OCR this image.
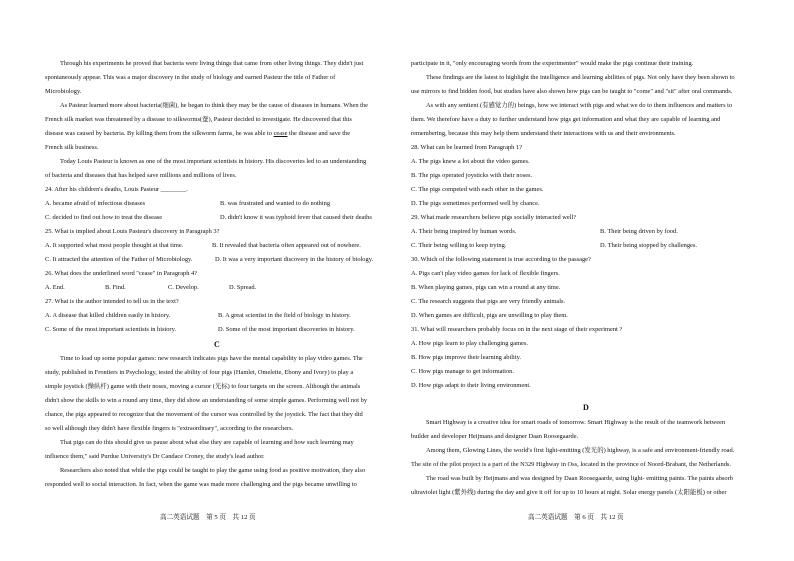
Through his experiments he proved that bacteria were living things that came from other living things. They didn't just
spontaneously appear. This was a major discovery in the study of biology and earned Pasteur the title of Father of
Microbiology.
As Pasteur learned more about bacteria(细菌), he began to think they may be the cause of diseases in humans. When the
French silk market was threatened by a disease to silkworms(蚕), Pasteur decided to investigate. He discovered that this
disease was caused by bacteria. By killing them from the silkworm farms, he was able to cease the disease and save the
French silk business.
Today Louis Pasteur is known as one of the most important scientists in history. His discoveries led to an understanding
of bacteria and diseases that has helped save millions and millions of lives.
24. After his children's deaths, Louis Pasteur ________.
A. became afraid of infectious diseases	B. was frustrated and wanted to do nothing
C. decided to find out how to treat the disease	D. didn't know it was typhoid fever that caused their deaths
25. What is implied about Louis Pasteur's discovery in Paragraph 3?
A. It supported what most people thought at that time.	B. It revealed that bacteria often appeared out of nowhere.
C. It attracted the attention of the Father of Microbiology.	D. It was a very important discovery in the history of biology.
26. What does the underlined word "cease" in Paragraph 4?
A. End.	B. Find.	C. Develop.	D. Spread.
27. What is the author intended to tell us in the text?
A. A disease that killed children easily in history.	B. A great scientist in the field of biology in history.
C. Some of the most important scientists in history.	D. Some of the most important discoveries in history.
C
Time to load up some popular games: new research indicates pigs have the mental capability to play video games. The
study, published in Frontiers in Psychology, tested the ability of four pigs (Hamlet, Omelette, Ebony and Ivory) to play a
simple joystick (操纵杆) game with their noses, moving a cursor (光标) to four targets on the screen. Although the animals
didn't show the skills to win a round any time, they did show an understanding of some simple games. Performing well not by
chance, the pigs appeared to recognize that the movement of the cursor was controlled by the joystick. The fact that they did
so well although they didn't have flexible fingers is "extraordinary", according to the researchers.
That pigs can do this should give us pause about what else they are capable of learning and how such learning may
influence them," said Purdue University's Dr Candace Croney, the study's lead author.
Researchers also noted that while the pigs could be taught to play the game using food as positive motivation, they also
responded well to social interaction. In fact, when the game was made more challenging and the pigs became unwilling to
高二英语试题　第 5 页　共 12 页
participate in it, "only encouraging words from the experimenter" would make the pigs continue their training.
These findings are the latest to highlight the intelligence and learning abilities of pigs. Not only have they been shown to
use mirrors to find hidden food, but studies have also shown how pigs can be taught to "come" and "sit" after oral commands.
As with any sentient (有感觉力的) beings, how we interact with pigs and what we do to them influences and matters to
them. We therefore have a duty to further understand how pigs get information and what they are capable of learning and
remembering, because this may help them understand their interactions with us and their environments.
28. What can be learned from Paragraph 1?
A. The pigs knew a lot about the video games.
B. The pigs operated joysticks with their noses.
C. The pigs competed with each other in the games.
D. The pigs sometimes performed well by chance.
29. What made researchers believe pigs socially interacted well?
A. Their being inspired by human words.	B. Their being driven by food.
C. Their being willing to keep trying.	D. Their being stopped by challenges.
30. Which of the following statement is true according to the passage?
A. Pigs can't play video games for lack of flexible fingers.
B. When playing games, pigs can win a round at any time.
C. The research suggests that pigs are very friendly animals.
D. When games are difficult, pigs are unwilling to play them.
31. What will researchers probably focus on in the next stage of their experiment ?
A. How pigs learn to play challenging games.
B. How pigs improve their learning ability.
C. How pigs manage to get information.
D. How pigs adapt to their living environment.
D
Smart Highway is a creative idea for smart roads of tomorrow. Smart Highway is the result of the teamwork between
builder and developer Heijmans and designer Daan Roosegaarde.
Among them, Glowing Lines, the world's first light-emitting (发光的) highway, is a safe and environment-friendly road.
The site of the pilot project is a part of the N329 Highway in Oss, located in the province of Noord-Brabant, the Netherlands.
The road was built by Heijmans and was designed by Daan Roosegaarde, using light- emitting paints. The paints absorb
ultraviolet light (紫外线) during the day and give it off for up to 10 hours at night. Solar energy panels (太阳能板) or other
高二英语试题　第 6 页　共 12 页
